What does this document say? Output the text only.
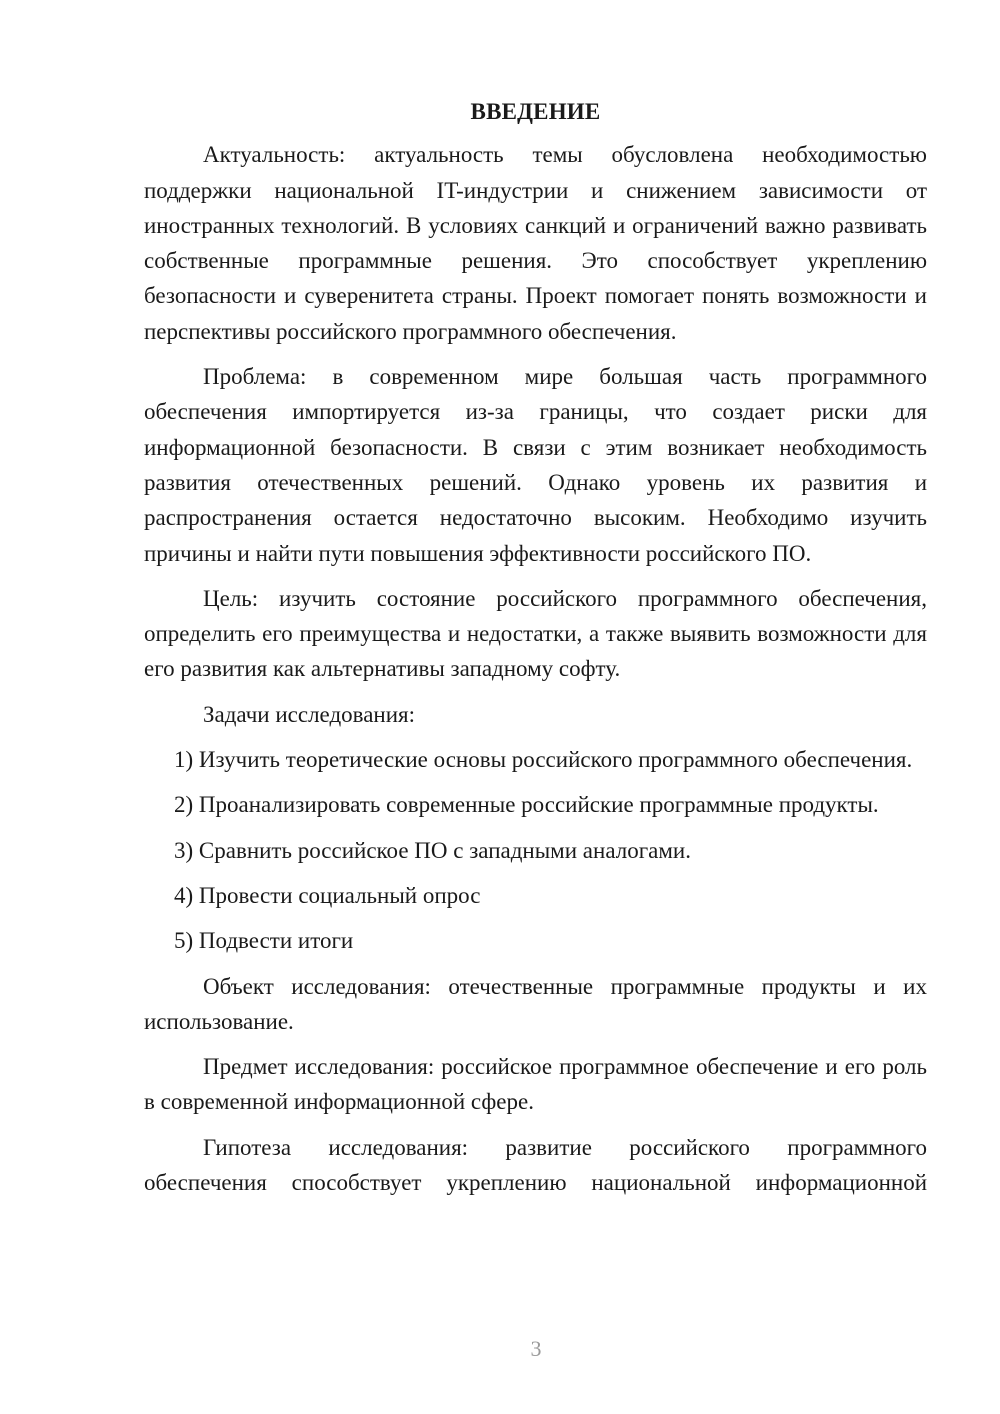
ВВЕДЕНИЕ

Актуальность: актуальность темы обусловлена необходимостью поддержки национальной IT-индустрии и снижением зависимости от иностранных технологий. В условиях санкций и ограничений важно развивать собственные программные решения. Это способствует укреплению безопасности и суверенитета страны. Проект помогает понять возможности и перспективы российского программного обеспечения.

Проблема: в современном мире большая часть программного обеспечения импортируется из-за границы, что создает риски для информационной безопасности. В связи с этим возникает необходимость развития отечественных решений. Однако уровень их развития и распространения остается недостаточно высоким. Необходимо изучить причины и найти пути повышения эффективности российского ПО.

Цель: изучить состояние российского программного обеспечения, определить его преимущества и недостатки, а также выявить возможности для его развития как альтернативы западному софту.

Задачи исследования:

1) Изучить теоретические основы российского программного обеспечения.

2) Проанализировать современные российские программные продукты.

3) Сравнить российское ПО с западными аналогами.

4) Провести социальный опрос

5) Подвести итоги

Объект исследования: отечественные программные продукты и их использование.

Предмет исследования: российское программное обеспечение и его роль в современной информационной сфере.

Гипотеза исследования: развитие российского программного обеспечения способствует укреплению национальной информационной

3
